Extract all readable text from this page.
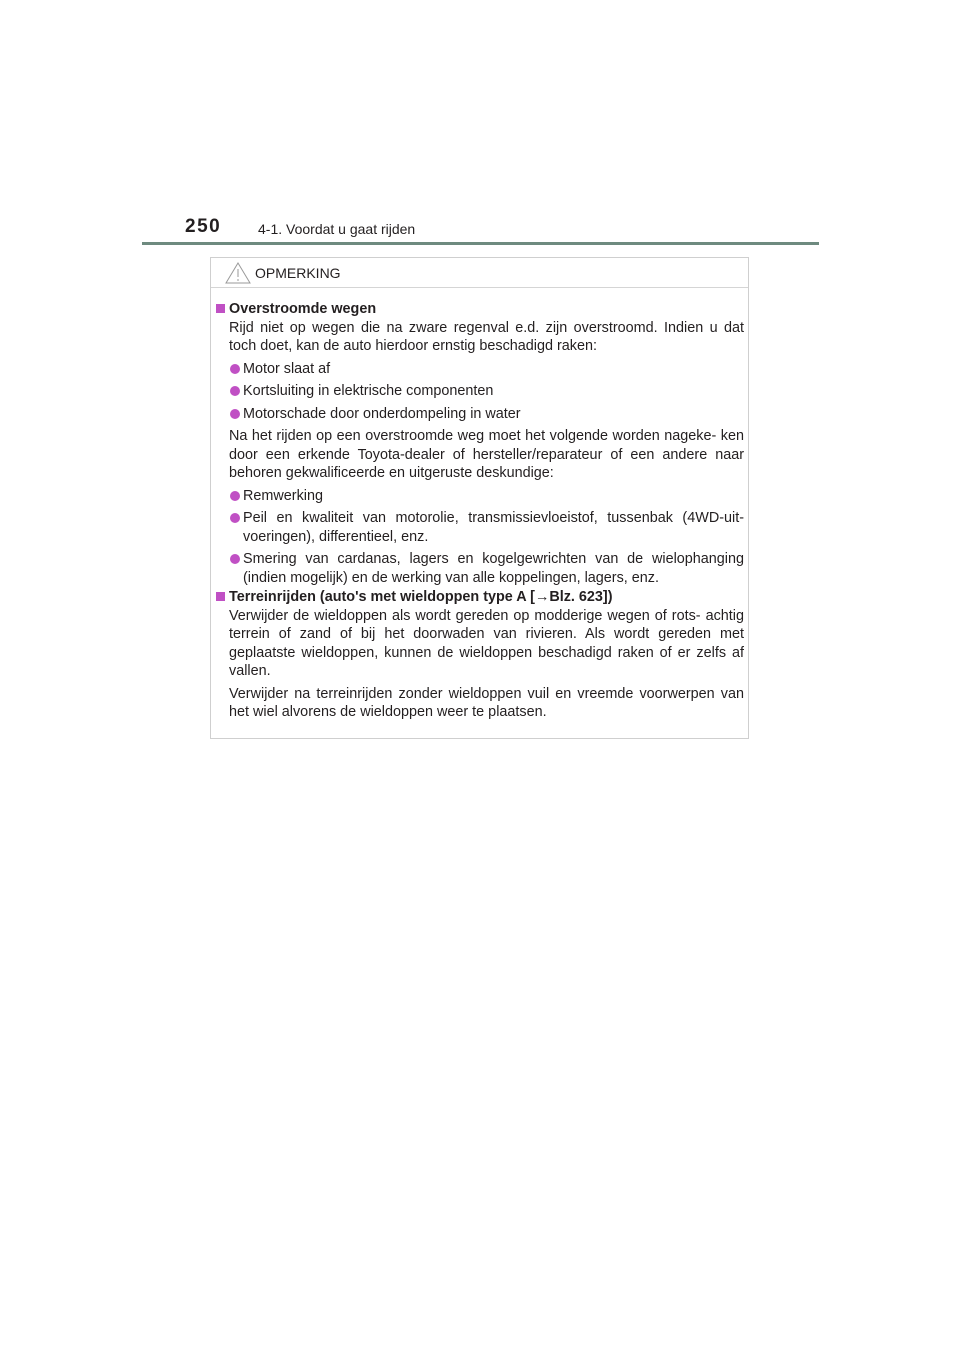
250	4-1. Voordat u gaat rijden
OPMERKING
Overstroomde wegen
Rijd niet op wegen die na zware regenval e.d. zijn overstroomd. Indien u dat toch doet, kan de auto hierdoor ernstig beschadigd raken:
Motor slaat af
Kortsluiting in elektrische componenten
Motorschade door onderdompeling in water
Na het rijden op een overstroomde weg moet het volgende worden nageke- ken door een erkende Toyota-dealer of hersteller/reparateur of een andere naar behoren gekwalificeerde en uitgeruste deskundige:
Remwerking
Peil en kwaliteit van motorolie, transmissievloeistof, tussenbak (4WD-uit- voeringen), differentieel, enz.
Smering van cardanas, lagers en kogelgewrichten van de wielophanging (indien mogelijk) en de werking van alle koppelingen, lagers, enz.
Terreinrijden (auto's met wieldoppen type A [→Blz. 623])
Verwijder de wieldoppen als wordt gereden op modderige wegen of rots- achtig terrein of zand of bij het doorwaden van rivieren. Als wordt gereden met geplaatste wieldoppen, kunnen de wieldoppen beschadigd raken of er zelfs af vallen.
Verwijder na terreinrijden zonder wieldoppen vuil en vreemde voorwerpen van het wiel alvorens de wieldoppen weer te plaatsen.
